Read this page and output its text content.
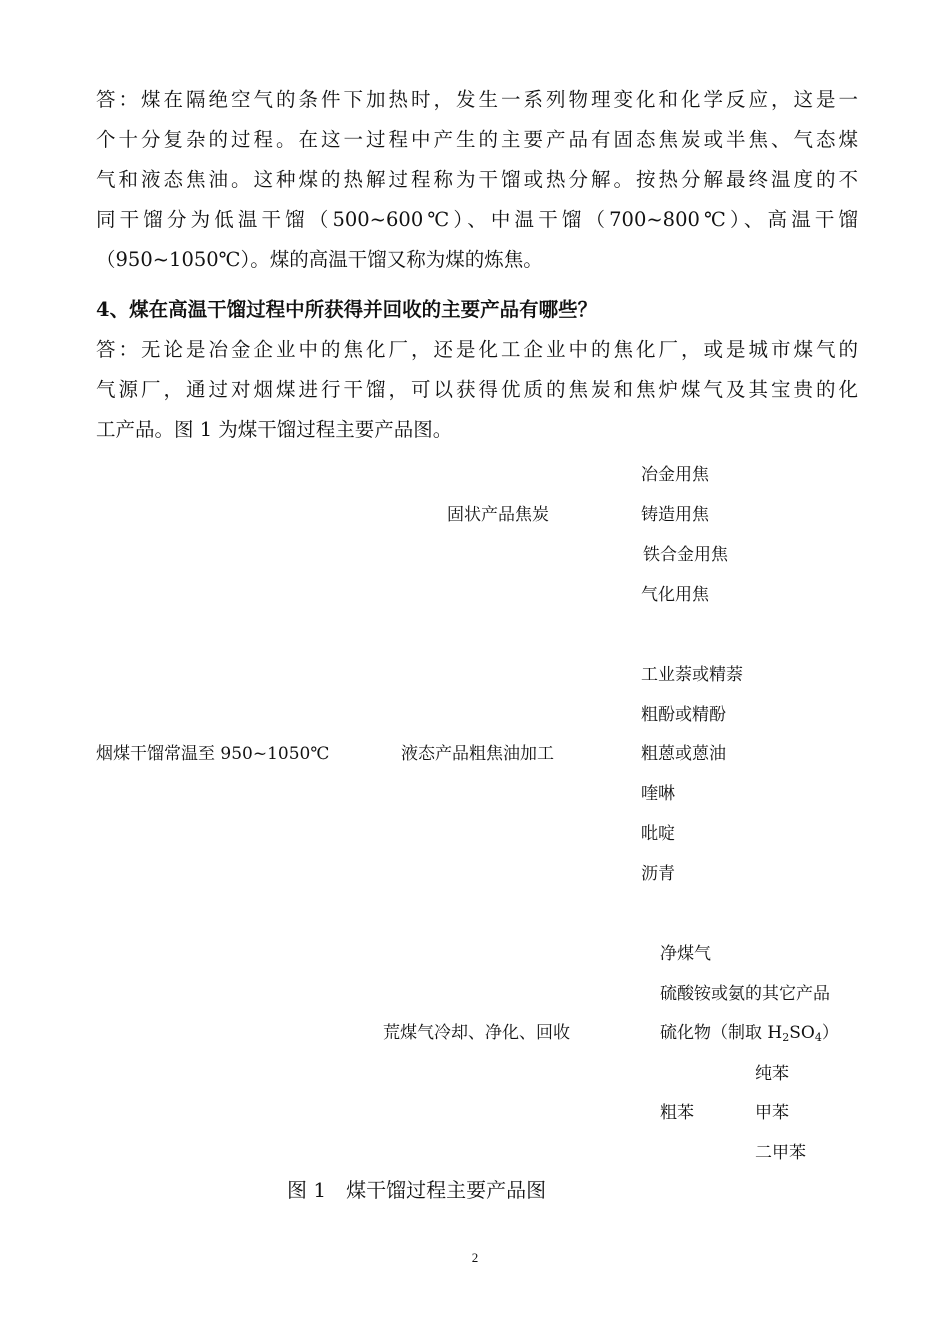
答：煤在隔绝空气的条件下加热时，发生一系列物理变化和化学反应，这是一
个十分复杂的过程。在这一过程中产生的主要产品有固态焦炭或半焦、气态煤
气和液态焦油。这种煤的热解过程称为干馏或热分解。按热分解最终温度的不
同干馏分为低温干馏（500~600℃）、中温干馏（700~800℃）、高温干馏
（950~1050℃）。煤的高温干馏又称为煤的炼焦。
4、煤在高温干馏过程中所获得并回收的主要产品有哪些？
答：无论是冶金企业中的焦化厂，还是化工企业中的焦化厂，或是城市煤气的
气源厂，通过对烟煤进行干馏，可以获得优质的焦炭和焦炉煤气及其宝贵的化
工产品。图 1 为煤干馏过程主要产品图。
烟煤干馏常温至 950~1050℃
固状产品焦炭
冶金用焦
铸造用焦
铁合金用焦
气化用焦
液态产品粗焦油加工
工业萘或精萘
粗酚或精酚
粗蒽或蒽油
喹啉
吡啶
沥青
荒煤气冷却、净化、回收
净煤气
硫酸铵或氨的其它产品
硫化物（制取 $H_2SO_4$）
粗苯
纯苯
甲苯
二甲苯
图 1　煤干馏过程主要产品图
2
